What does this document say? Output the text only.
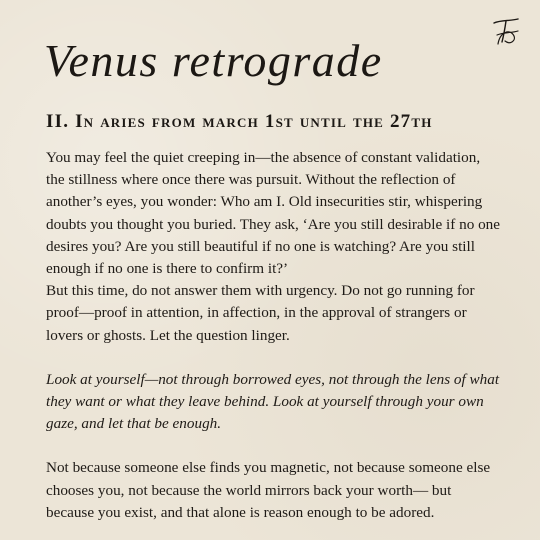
Venus retrograde
II. In aries from march 1st until the 27th

You may feel the quiet creeping in—the absence of constant validation, the stillness where once there was pursuit. Without the reflection of another’s eyes, you wonder: Who am I. Old insecurities stir, whispering doubts you thought you buried. They ask, ‘Are you still desirable if no one desires you? Are you still beautiful if no one is watching? Are you still enough if no one is there to confirm it?’

But this time, do not answer them with urgency. Do not go running for proof—proof in attention, in affection, in the approval of strangers or lovers or ghosts. Let the question linger.

Look at yourself—not through borrowed eyes, not through the lens of what they want or what they leave behind. Look at yourself through your own gaze, and let that be enough.

Not because someone else finds you magnetic, not because someone else chooses you, not because the world mirrors back your worth— but because you exist, and that alone is reason enough to be adored.
